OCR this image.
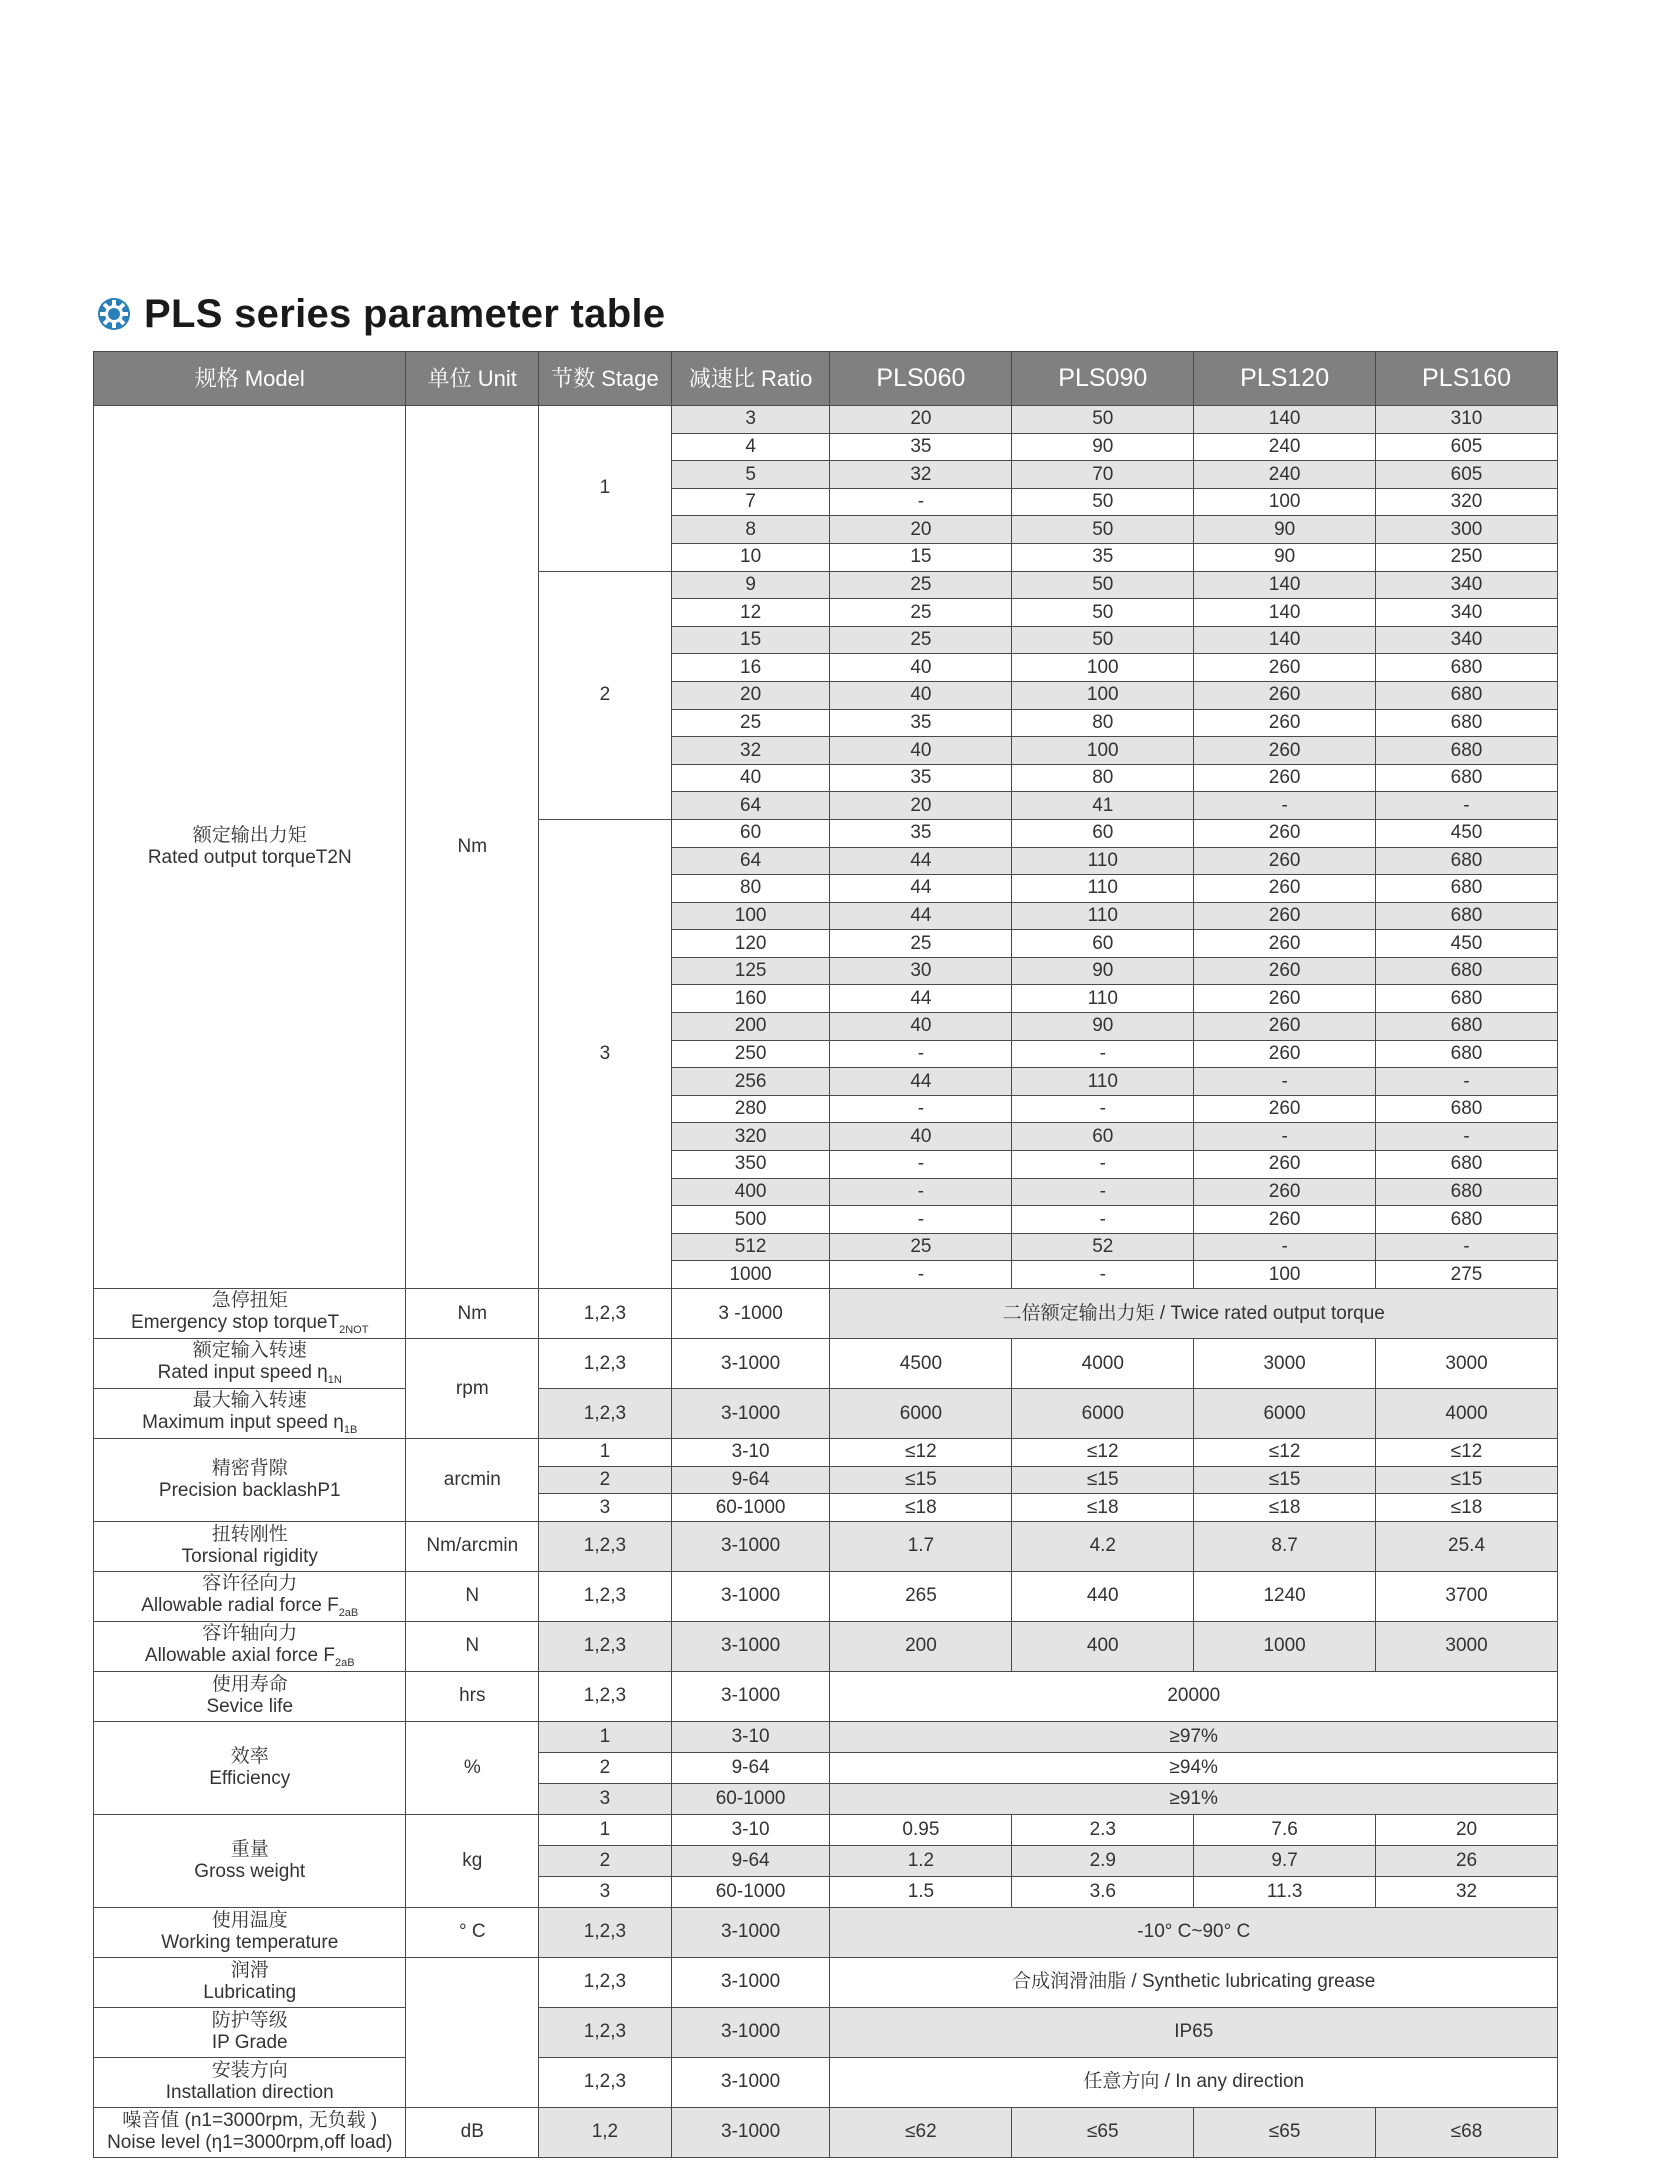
PLS series parameter table
规格 Model	单位 Unit	节数 Stage	减速比 Ratio	PLS060	PLS090	PLS120	PLS160
额定输出力矩
Rated output torqueT2N	Nm	1	3	20	50	140	310
			4	35	90	240	605
			5	32	70	240	605
			7	-	50	100	320
			8	20	50	90	300
			10	15	35	90	250
		2	9	25	50	140	340
			12	25	50	140	340
			15	25	50	140	340
			16	40	100	260	680
			20	40	100	260	680
			25	35	80	260	680
			32	40	100	260	680
			40	35	80	260	680
			64	20	41	-	-
		3	60	35	60	260	450
			64	44	110	260	680
			80	44	110	260	680
			100	44	110	260	680
			120	25	60	260	450
			125	30	90	260	680
			160	44	110	260	680
			200	40	90	260	680
			250	-	-	260	680
			256	44	110	-	-
			280	-	-	260	680
			320	40	60	-	-
			350	-	-	260	680
			400	-	-	260	680
			500	-	-	260	680
			512	25	52	-	-
			1000	-	-	100	275
急停扭矩
Emergency stop torqueT$_{2NOT}$	Nm	1,2,3	3 -1000	二倍额定输出力矩 / Twice rated output torque			
额定输入转速
Rated input speed $\eta_{1N}$	rpm	1,2,3	3-1000	4500	4000	3000	3000
最大输入转速
Maximum input speed $\eta_{1B}$		1,2,3	3-1000	6000	6000	6000	4000
精密背隙
Precision backlashP1	arcmin	1	3-10	≤12	≤12	≤12	≤12
		2	9-64	≤15	≤15	≤15	≤15
		3	60-1000	≤18	≤18	≤18	≤18
扭转刚性
Torsional rigidity	Nm/arcmin	1,2,3	3-1000	1.7	4.2	8.7	25.4
容许径向力
Allowable radial force $F_{2aB}$	N	1,2,3	3-1000	265	440	1240	3700
容许轴向力
Allowable axial force $F_{2aB}$	N	1,2,3	3-1000	200	400	1000	3000
使用寿命
Sevice life	hrs	1,2,3	3-1000	20000			
效率
Efficiency	%	1	3-10	≥97%			
		2	9-64	≥94%			
		3	60-1000	≥91%			
重量
Gross weight	kg	1	3-10	0.95	2.3	7.6	20
		2	9-64	1.2	2.9	9.7	26
		3	60-1000	1.5	3.6	11.3	32
使用温度
Working temperature	° C	1,2,3	3-1000	-10° C~90° C			
润滑
Lubricating		1,2,3	3-1000	合成润滑油脂 / Synthetic lubricating grease			
防护等级
IP Grade		1,2,3	3-1000	IP65			
安装方向
Installation direction		1,2,3	3-1000	任意方向 / In any direction			
噪音值 (n1=3000rpm, 无负载 )
Noise level (η1=3000rpm,off load)	dB	1,2	3-1000	≤62	≤65	≤65	≤68
